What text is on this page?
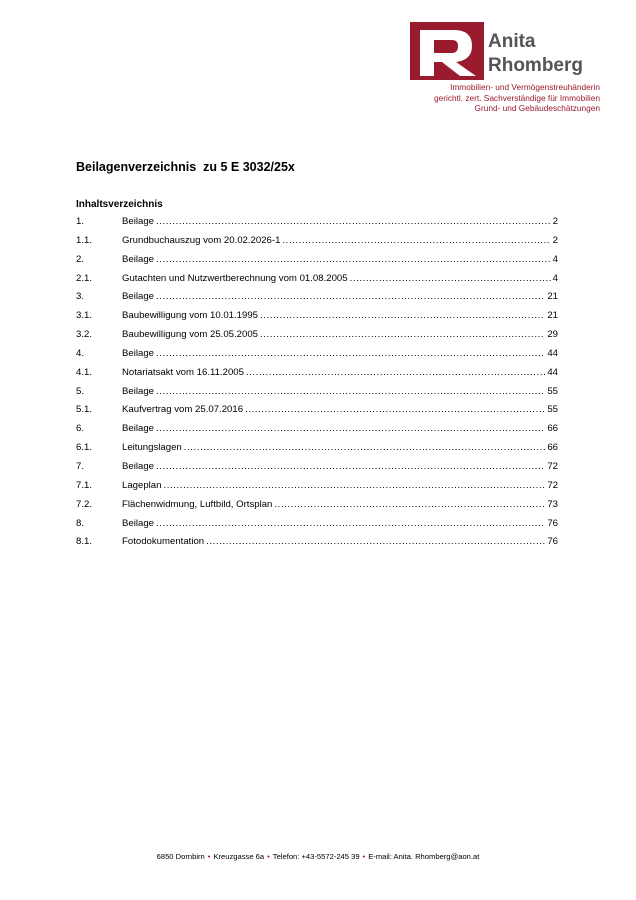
Anita
Rhomberg
Immobilien- und Vermögenstreuhänderin
gerichtl. zert. Sachverständige für Immobilien
Grund- und Gebäudeschätzungen
Beilagenverzeichnis  zu 5 E 3032/25x
Inhaltsverzeichnis
1.	Beilage .....	2
1.1.	Grundbuchauszug vom 20.02.2026-1 .....	2
2.	Beilage .....	4
2.1.	Gutachten und Nutzwertberechnung vom 01.08.2005 .....	4
3.	Beilage .....	21
3.1.	Baubewilligung vom 10.01.1995 .....	21
3.2.	Baubewilligung vom 25.05.2005 .....	29
4.	Beilage .....	44
4.1.	Notariatsakt vom 16.11.2005 .....	44
5.	Beilage .....	55
5.1.	Kaufvertrag vom 25.07.2016 .....	55
6.	Beilage .....	66
6.1.	Leitungslagen .....	66
7.	Beilage .....	72
7.1.	Lageplan .....	72
7.2.	Flächenwidmung, Luftbild, Ortsplan .....	73
8.	Beilage .....	76
8.1.	Fotodokumentation .....	76
6850 Dornbirn • Kreuzgasse 6a • Telefon: +43-5572-245 39 • E-mail: Anita. Rhomberg@aon.at
